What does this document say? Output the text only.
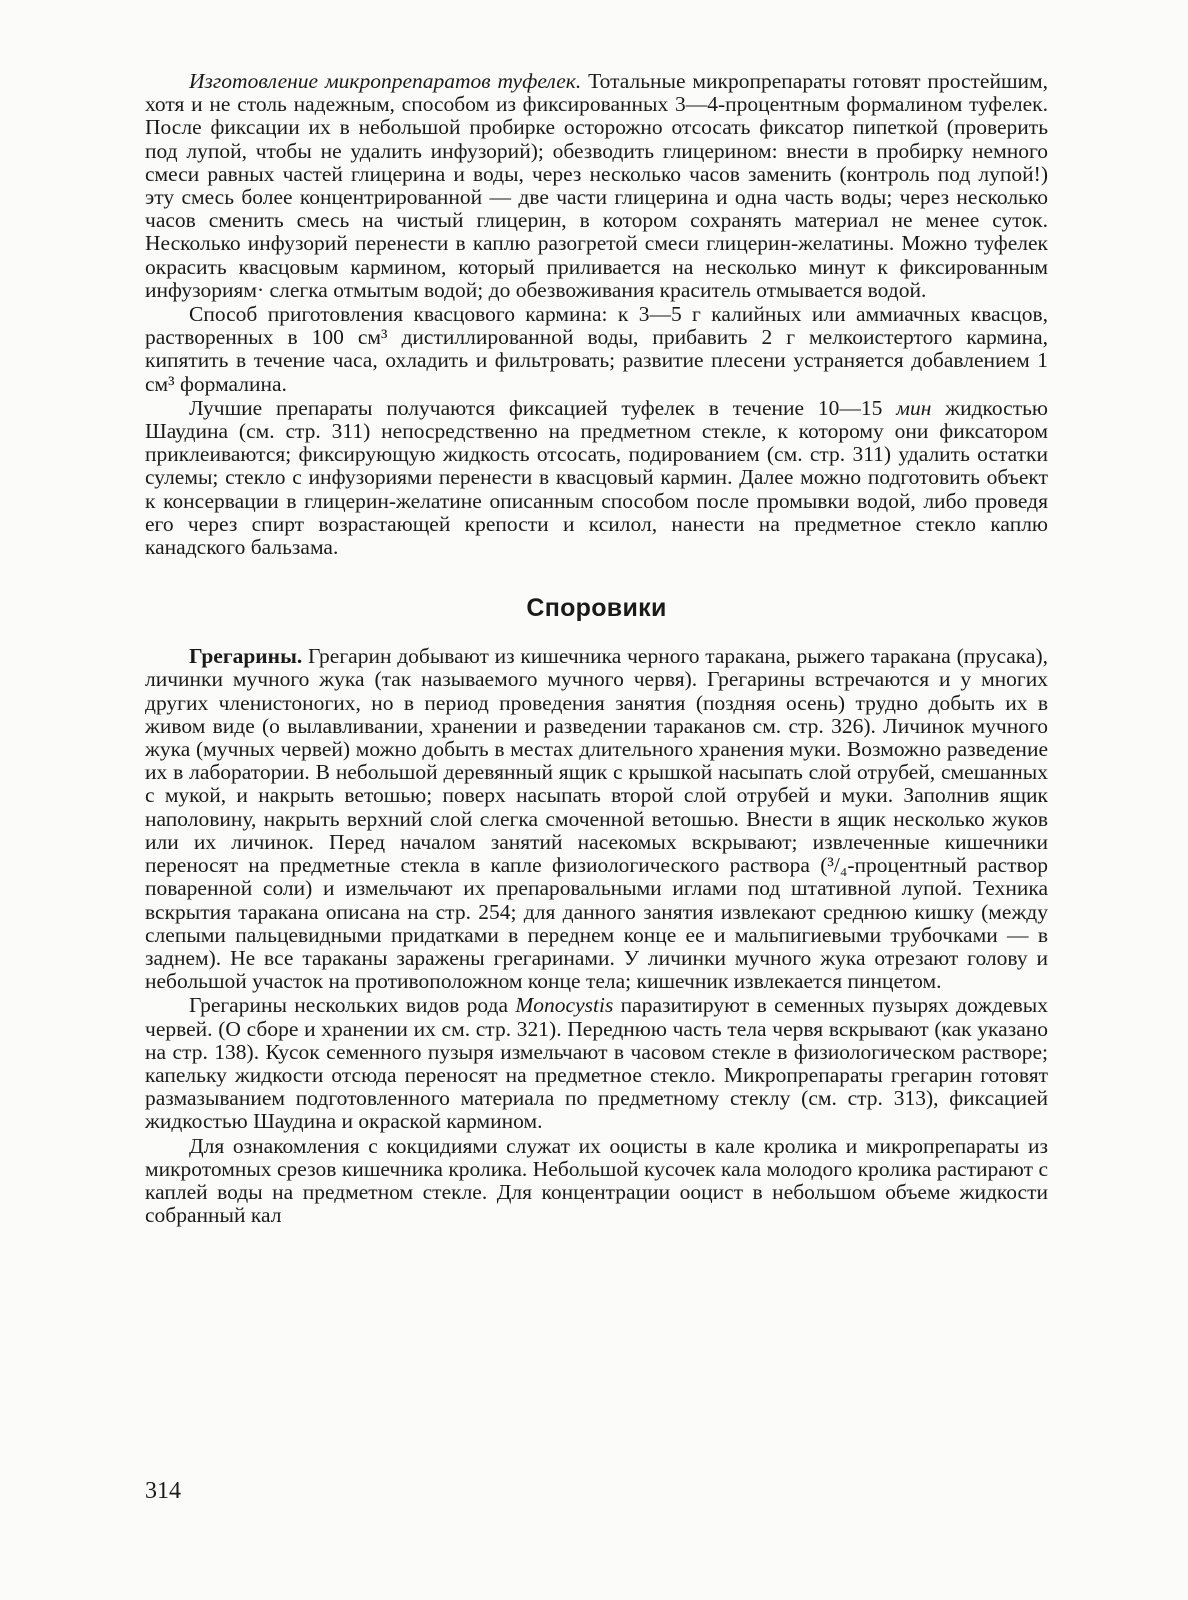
Изготовление микропрепаратов туфелек. Тотальные микропрепараты готовят простейшим, хотя и не столь надежным, способом из фиксированных 3—4-процентным формалином туфелек. После фиксации их в небольшой пробирке осторожно отсосать фиксатор пипеткой (проверить под лупой, чтобы не удалить инфузорий); обезводить глицерином: внести в пробирку немного смеси равных частей глицерина и воды, через несколько часов заменить (контроль под лупой!) эту смесь более концентрированной — две части глицерина и одна часть воды; через несколько часов сменить смесь на чистый глицерин, в котором сохранять материал не менее суток. Несколько инфузорий перенести в каплю разогретой смеси глицерин-желатины. Можно туфелек окрасить квасцовым кармином, который приливается на несколько минут к фиксированным инфузориям· слегка отмытым водой; до обезвоживания краситель отмывается водой.

Способ приготовления квасцового кармина: к 3—5 г калийных или аммиачных квасцов, растворенных в 100 см³ дистиллированной воды, прибавить 2 г мелкоистертого кармина, кипятить в течение часа, охладить и фильтровать; развитие плесени устраняется добавлением 1 см³ формалина.

Лучшие препараты получаются фиксацией туфелек в течение 10—15 мин жидкостью Шаудина (см. стр. 311) непосредственно на предметном стекле, к которому они фиксатором приклеиваются; фиксирующую жидкость отсосать, подированием (см. стр. 311) удалить остатки сулемы; стекло с инфузориями перенести в квасцовый кармин. Далее можно подготовить объект к консервации в глицерин-желатине описанным способом после промывки водой, либо проведя его через спирт возрастающей крепости и ксилол, нанести на предметное стекло каплю канадского бальзама.

Споровики

Грегарины. Грегарин добывают из кишечника черного таракана, рыжего таракана (прусака), личинки мучного жука (так называемого мучного червя). Грегарины встречаются и у многих других членистоногих, но в период проведения занятия (поздняя осень) трудно добыть их в живом виде (о вылавливании, хранении и разведении тараканов см. стр. 326). Личинок мучного жука (мучных червей) можно добыть в местах длительного хранения муки. Возможно разведение их в лаборатории. В небольшой деревянный ящик с крышкой насыпать слой отрубей, смешанных с мукой, и накрыть ветошью; поверх насыпать второй слой отрубей и муки. Заполнив ящик наполовину, накрыть верхний слой слегка смоченной ветошью. Внести в ящик несколько жуков или их личинок. Перед началом занятий насекомых вскрывают; извлеченные кишечники переносят на предметные стекла в капле физиологического раствора (³/₄-процентный раствор поваренной соли) и измельчают их препаровальными иглами под штативной лупой. Техника вскрытия таракана описана на стр. 254; для данного занятия извлекают среднюю кишку (между слепыми пальцевидными придатками в переднем конце ее и мальпигиевыми трубочками — в заднем). Не все тараканы заражены грегаринами. У личинки мучного жука отрезают голову и небольшой участок на противоположном конце тела; кишечник извлекается пинцетом.

Грегарины нескольких видов рода Monocystis паразитируют в семенных пузырях дождевых червей. (О сборе и хранении их см. стр. 321). Переднюю часть тела червя вскрывают (как указано на стр. 138). Кусок семенного пузыря измельчают в часовом стекле в физиологическом растворе; капельку жидкости отсюда переносят на предметное стекло. Микропрепараты грегарин готовят размазыванием подготовленного материала по предметному стеклу (см. стр. 313), фиксацией жидкостью Шаудина и окраской кармином.

Для ознакомления с кокцидиями служат их ооцисты в кале кролика и микропрепараты из микротомных срезов кишечника кролика. Небольшой кусочек кала молодого кролика растирают с каплей воды на предметном стекле. Для концентрации ооцист в небольшом объеме жидкости собранный кал

314
